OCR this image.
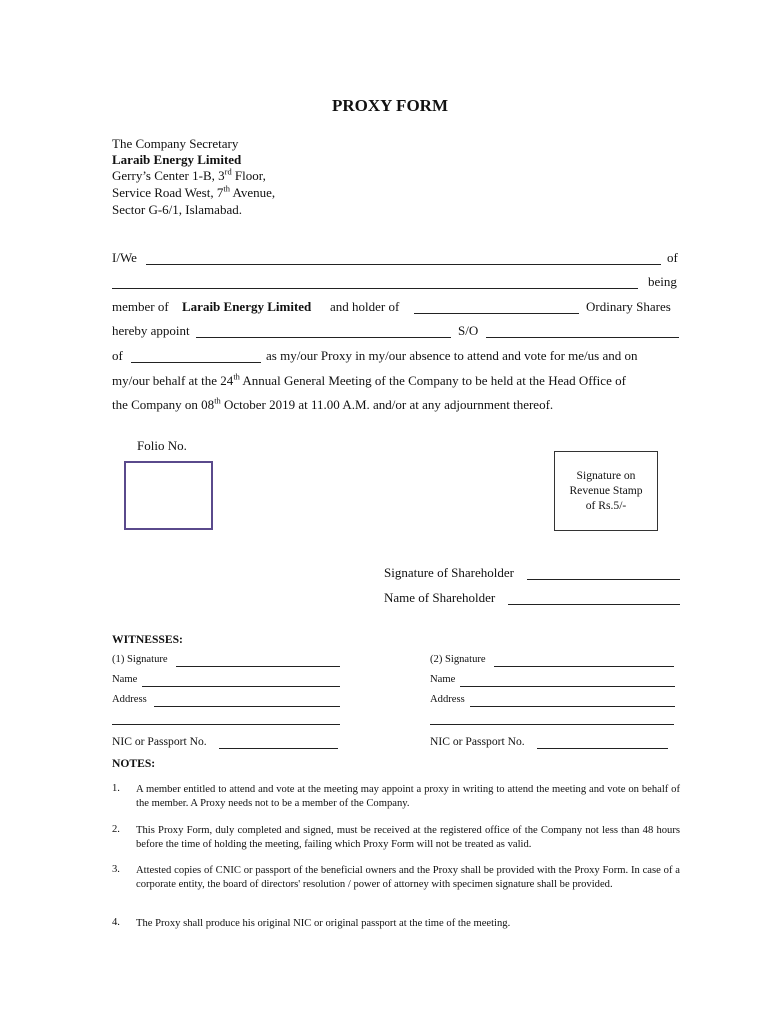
PROXY FORM
The Company Secretary
Laraib Energy Limited
Gerry’s Center 1-B, 3rd Floor,
Service Road West, 7th Avenue,
Sector G-6/1, Islamabad.
I/We	of
being
member of Laraib Energy Limited and holder of	Ordinary Shares
hereby appoint	S/O
of	as my/our Proxy in my/our absence to attend and vote for me/us and on
my/our behalf at the 24th Annual General Meeting of the Company to be held at the Head Office of
the Company on 08th October 2019 at 11.00 A.M. and/or at any adjournment thereof.
Folio No.
Signature on
Revenue Stamp
of Rs.5/-
Signature of Shareholder
Name of Shareholder
WITNESSES:
(1) Signature
Name
Address
NIC or Passport No.
(2) Signature
Name
Address
NIC or Passport No.
NOTES:
1. A member entitled to attend and vote at the meeting may appoint a proxy in writing to attend the meeting and vote on behalf of the member. A Proxy needs not to be a member of the Company.
2. This Proxy Form, duly completed and signed, must be received at the registered office of the Company not less than 48 hours before the time of holding the meeting, failing which Proxy Form will not be treated as valid.
3. Attested copies of CNIC or passport of the beneficial owners and the Proxy shall be provided with the Proxy Form. In case of a corporate entity, the board of directors' resolution / power of attorney with specimen signature shall be provided.
4. The Proxy shall produce his original NIC or original passport at the time of the meeting.
